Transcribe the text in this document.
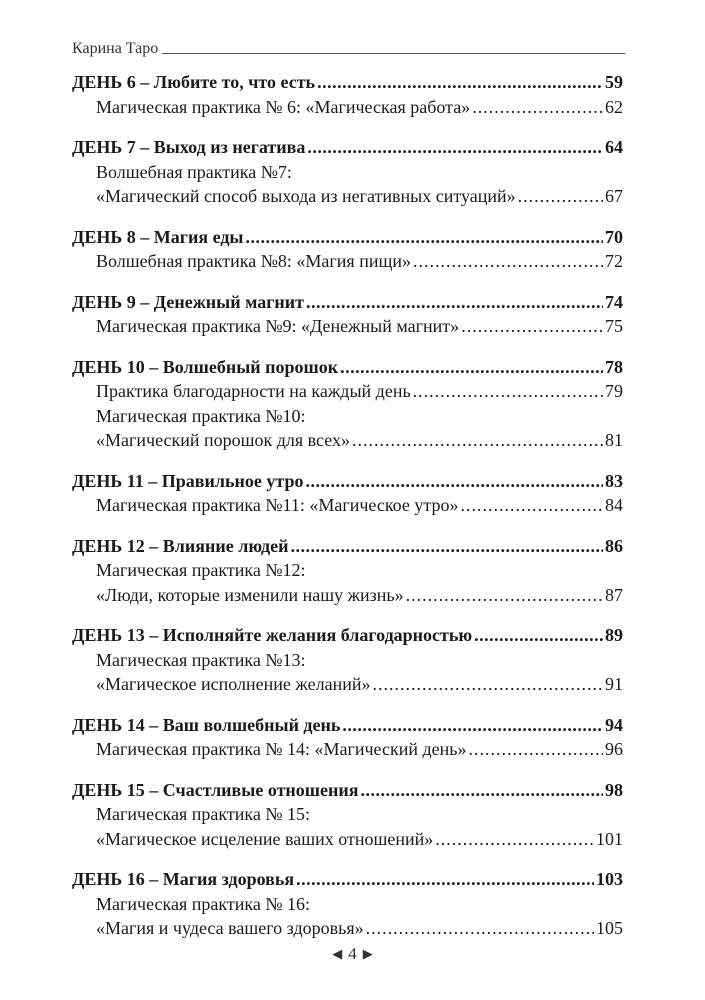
Карина Таро
ДЕНЬ 6 – Любите то, что есть .....	59
Магическая практика № 6: «Магическая работа» .....	62
ДЕНЬ 7 – Выход из негатива .....	64
Волшебная практика №7:
«Магический способ выхода из негативных ситуаций» .....	67
ДЕНЬ 8 – Магия еды .....	70
Волшебная практика №8: «Магия пищи» .....	72
ДЕНЬ 9 – Денежный магнит .....	74
Магическая практика №9: «Денежный магнит» .....	75
ДЕНЬ 10 – Волшебный порошок .....	78
Практика благодарности на каждый день .....	79
Магическая практика №10:
«Магический порошок для всех» .....	81
ДЕНЬ 11 – Правильное утро .....	83
Магическая практика №11: «Магическое утро» .....	84
ДЕНЬ 12 – Влияние людей .....	86
Магическая практика №12:
«Люди, которые изменили нашу жизнь» .....	87
ДЕНЬ 13 – Исполняйте желания благодарностью .....	89
Магическая практика №13:
«Магическое исполнение желаний» .....	91
ДЕНЬ 14 – Ваш волшебный день .....	94
Магическая практика № 14: «Магический день» .....	96
ДЕНЬ 15 – Счастливые отношения .....	98
Магическая практика № 15:
«Магическое исцеление ваших отношений» .....	101
ДЕНЬ 16 – Магия здоровья .....	103
Магическая практика № 16:
«Магия и чудеса вашего здоровья» .....	105
◀ 4 ▶
